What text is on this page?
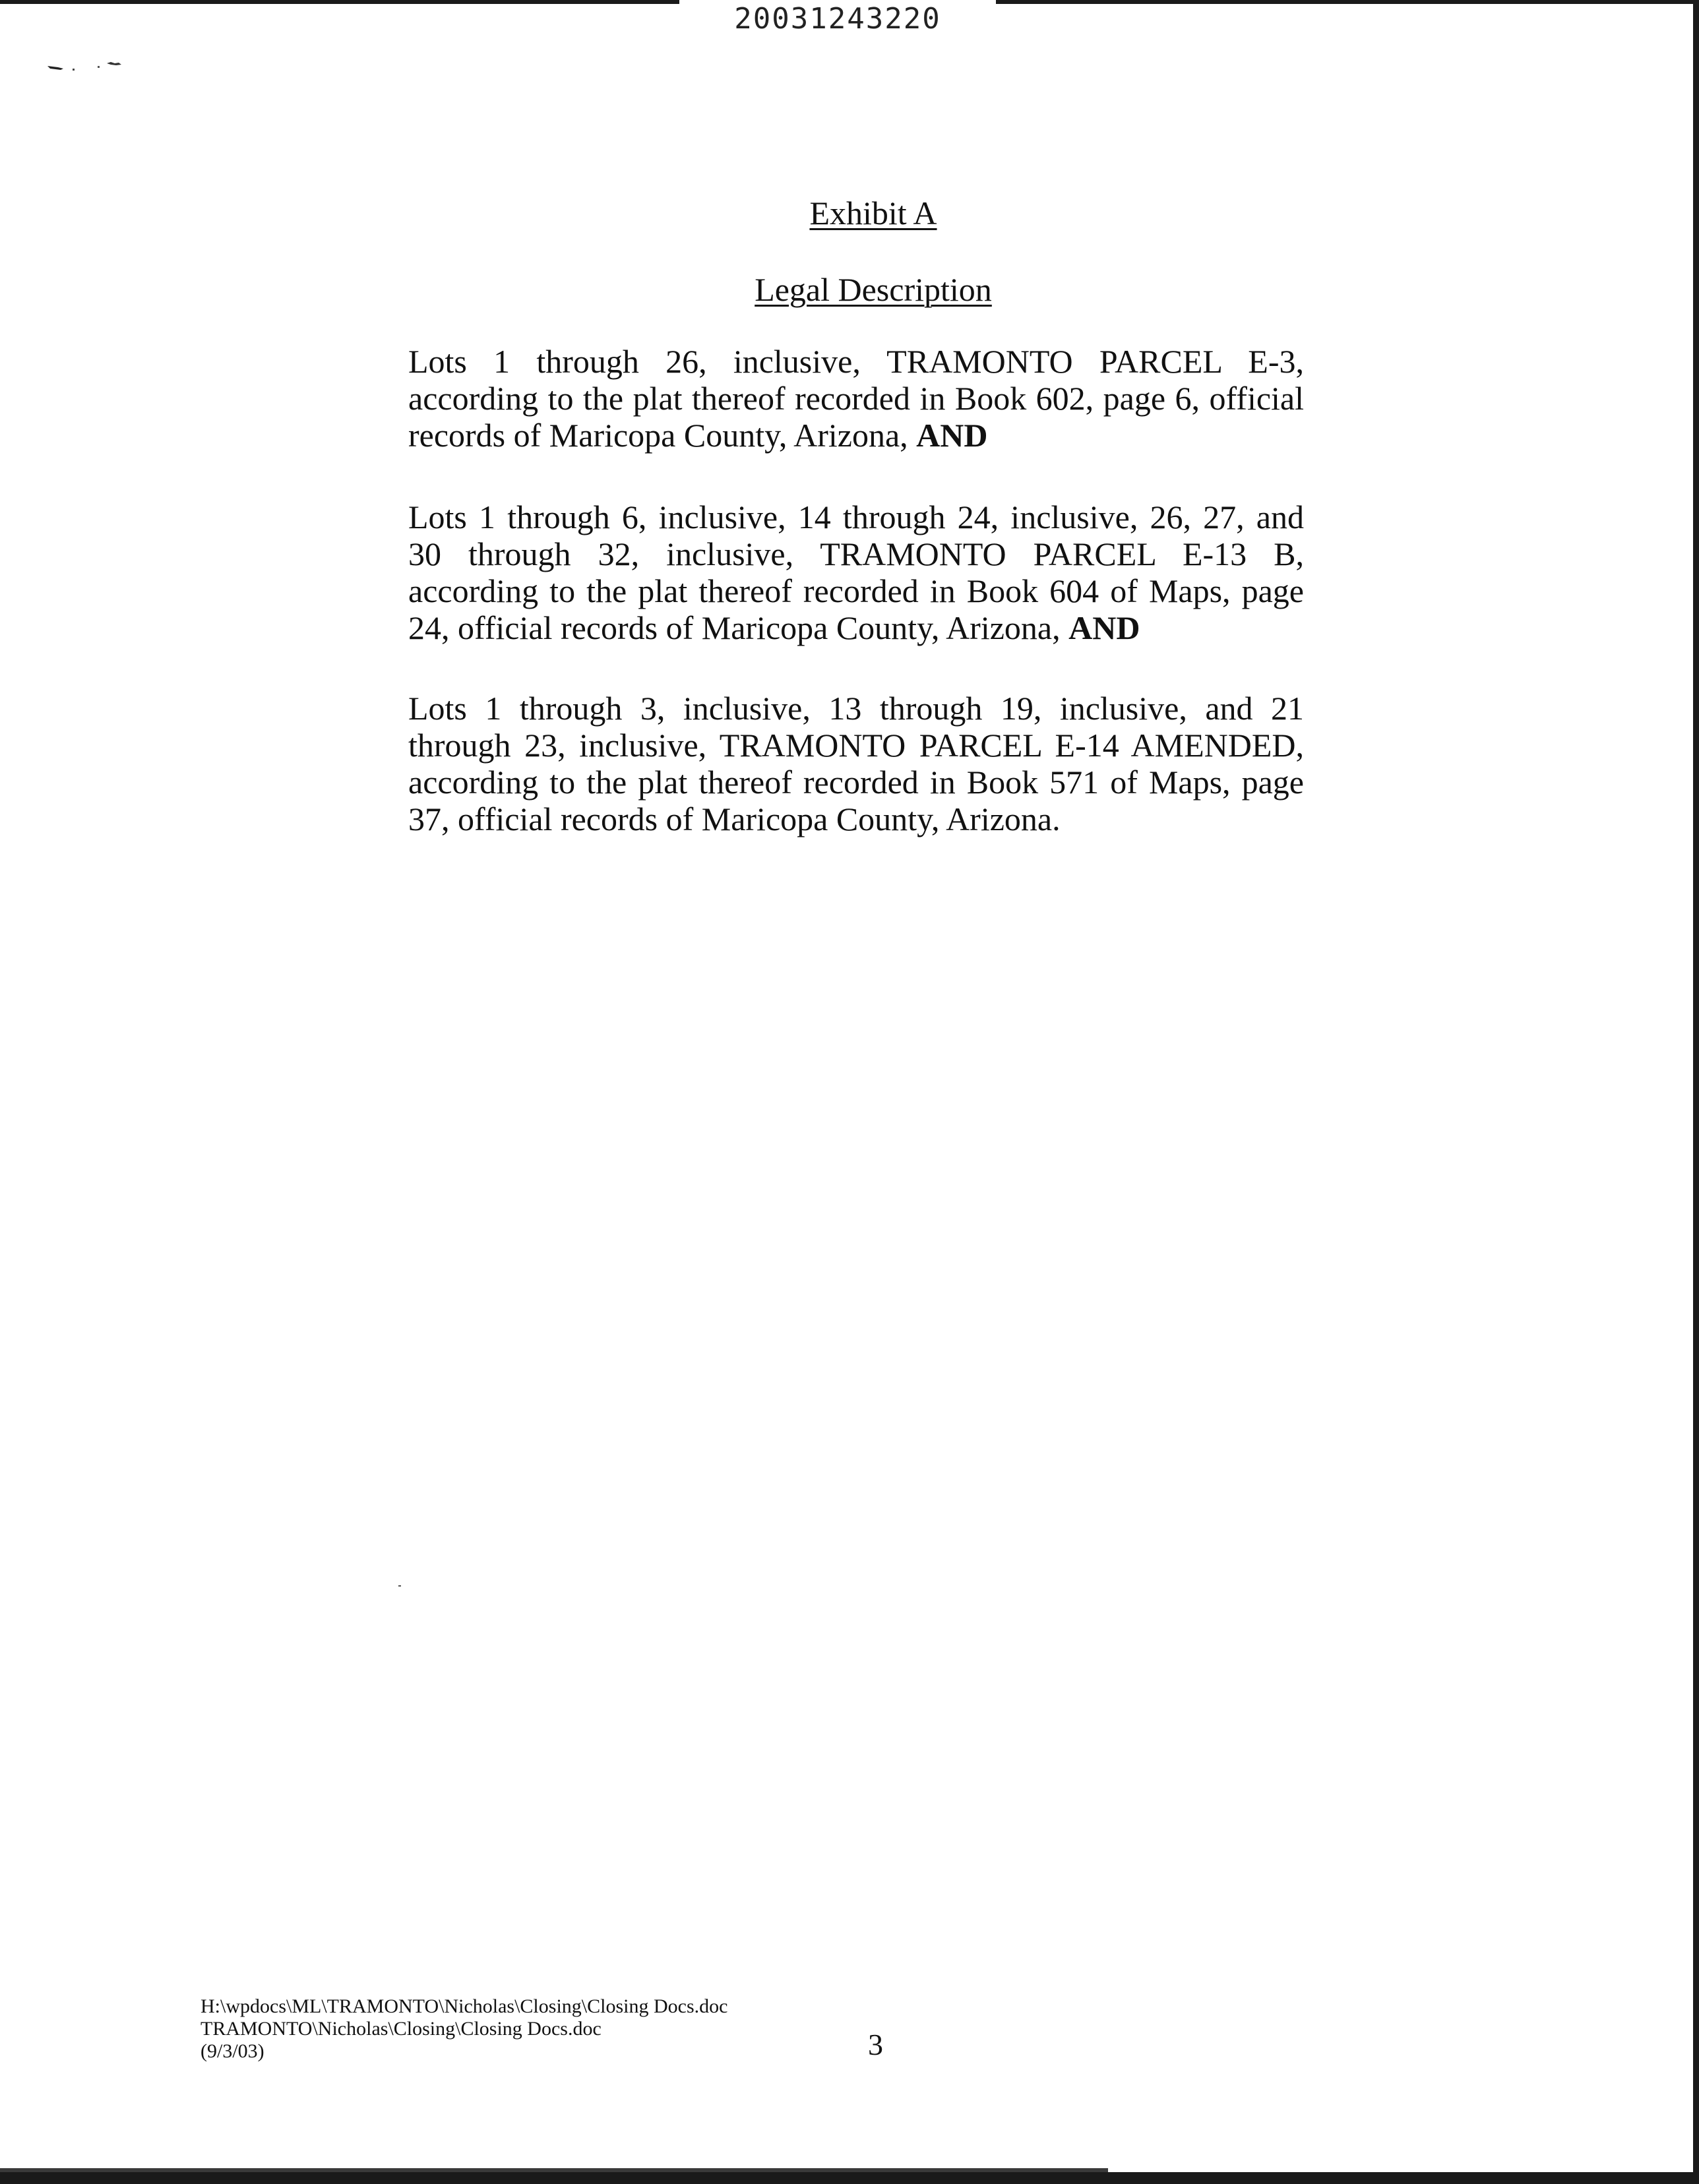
20031243220
Exhibit A
Legal Description

Lots 1 through 26, inclusive, TRAMONTO PARCEL E-3, according to the plat thereof recorded in Book 602, page 6, official records of Maricopa County, Arizona, AND

Lots 1 through 6, inclusive, 14 through 24, inclusive, 26, 27, and 30 through 32, inclusive, TRAMONTO PARCEL E-13 B, according to the plat thereof recorded in Book 604 of Maps, page 24, official records of Maricopa County, Arizona, AND

Lots 1 through 3, inclusive, 13 through 19, inclusive, and 21 through 23, inclusive, TRAMONTO PARCEL E-14 AMENDED, according to the plat thereof recorded in Book 571 of Maps, page 37, official records of Maricopa County, Arizona.

H:\wpdocs\ML\TRAMONTO\Nicholas\Closing\Closing Docs.doc
TRAMONTO\Nicholas\Closing\Closing Docs.doc
(9/3/03)	3
